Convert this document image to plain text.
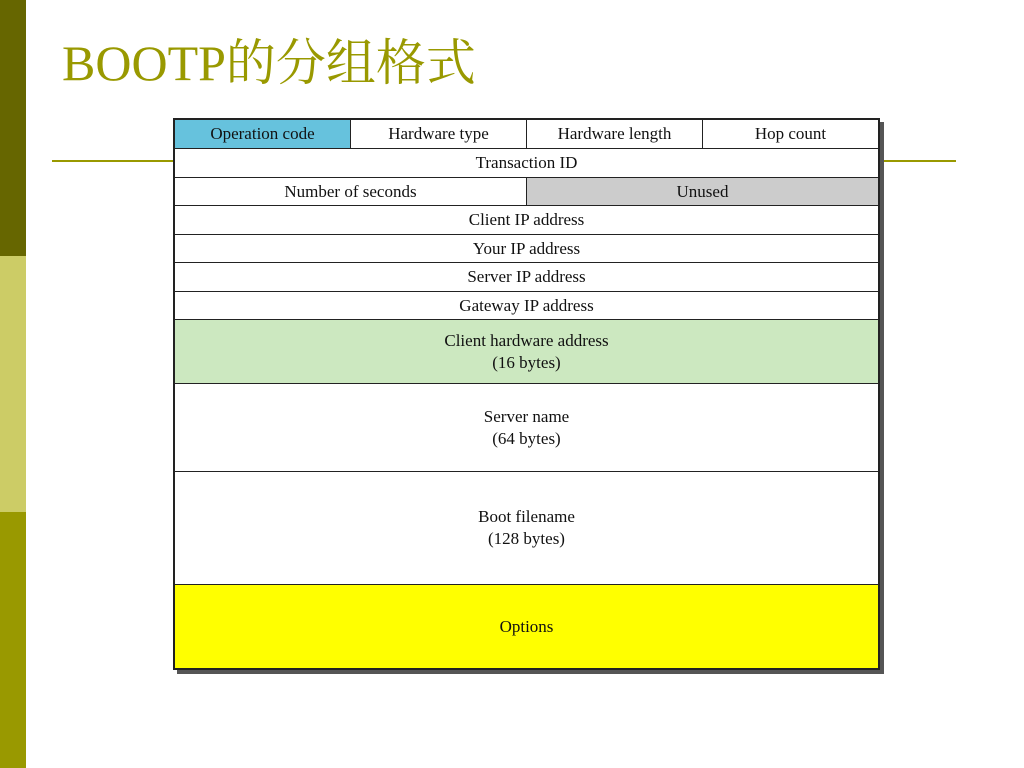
BOOTP的分组格式
Operation code	Hardware type	Hardware length	Hop count
Transaction ID
Number of seconds	Unused
Client IP address
Your IP address
Server IP address
Gateway IP address
Client hardware address
(16 bytes)
Server name
(64 bytes)
Boot filename
(128 bytes)
Options
